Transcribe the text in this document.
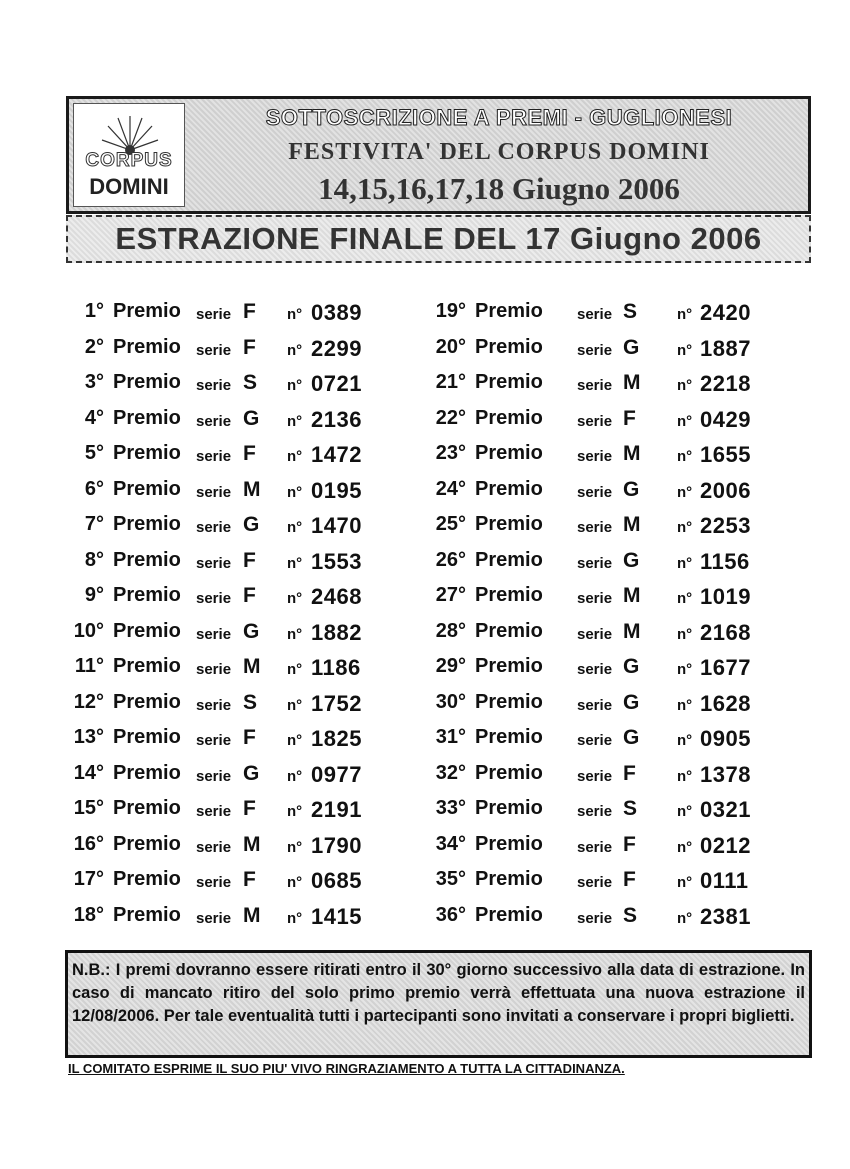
CORPUS
DOMINI
SOTTOSCRIZIONE A PREMI - GUGLIONESI
FESTIVITA' DEL CORPUS DOMINI
14,15,16,17,18 Giugno 2006
ESTRAZIONE FINALE DEL 17 Giugno 2006
1° Premio serie F n° 0389
2° Premio serie F n° 2299
3° Premio serie S n° 0721
4° Premio serie G n° 2136
5° Premio serie F n° 1472
6° Premio serie M n° 0195
7° Premio serie G n° 1470
8° Premio serie F n° 1553
9° Premio serie F n° 2468
10° Premio serie G n° 1882
11° Premio serie M n° 1186
12° Premio serie S n° 1752
13° Premio serie F n° 1825
14° Premio serie G n° 0977
15° Premio serie F n° 2191
16° Premio serie M n° 1790
17° Premio serie F n° 0685
18° Premio serie M n° 1415
19° Premio serie S	n° 2420
20° Premio serie G	n° 1887
21° Premio serie M n° 2218
22° Premio serie F	n° 0429
23° Premio serie M n° 1655
24° Premio serie G	n° 2006
25° Premio serie M n° 2253
26° Premio serie G	n° 1156
27° Premio serie M n° 1019
28° Premio serie M n° 2168
29° Premio serie G	n° 1677
30° Premio serie G	n° 1628
31° Premio serie G	n° 0905
32° Premio serie F	n° 1378
33° Premio serie S	n° 0321
34° Premio serie F	n° 0212
35° Premio serie F	n° 0111
36° Premio serie S	n° 2381
N.B.: I premi dovranno essere ritirati entro il 30° giorno successivo alla data di estrazione. In caso di mancato ritiro del solo primo premio verrà effettuata una nuova estrazione il 12/08/2006. Per tale eventualità tutti i partecipanti sono invitati a conservare i propri biglietti.
IL COMITATO ESPRIME IL SUO PIU' VIVO RINGRAZIAMENTO A TUTTA LA CITTADINANZA.
